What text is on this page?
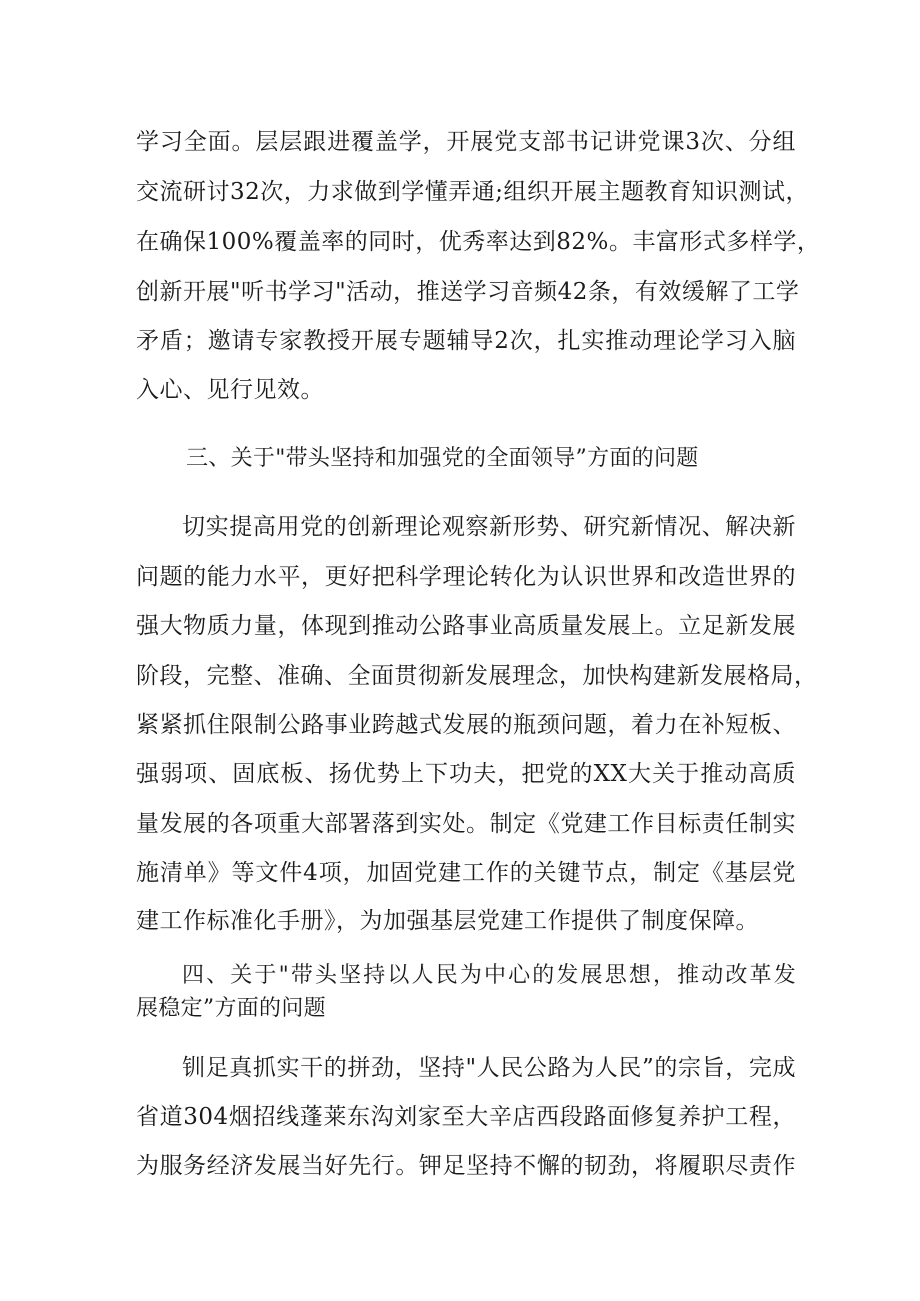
学习全面。层层跟进覆盖学，开展党支部书记讲党课3次、分组
交流研讨32次，力求做到学懂弄通;组织开展主题教育知识测试，
在确保100%覆盖率的同时，优秀率达到82%。丰富形式多样学，
创新开展"听书学习"活动，推送学习音频42条，有效缓解了工学
矛盾；邀请专家教授开展专题辅导2次，扎实推动理论学习入脑
入心、见行见效。
三、关于"带头坚持和加强党的全面领导”方面的问题
切实提高用党的创新理论观察新形势、研究新情况、解决新
问题的能力水平，更好把科学理论转化为认识世界和改造世界的
强大物质力量，体现到推动公路事业高质量发展上。立足新发展
阶段，完整、准确、全面贯彻新发展理念，加快构建新发展格局，
紧紧抓住限制公路事业跨越式发展的瓶颈问题，着力在补短板、
强弱项、固底板、扬优势上下功夫，把党的XX大关于推动高质
量发展的各项重大部署落到实处。制定《党建工作目标责任制实
施清单》等文件4项，加固党建工作的关键节点，制定《基层党
建工作标准化手册》，为加强基层党建工作提供了制度保障。
四、关于"带头坚持以人民为中心的发展思想，推动改革发
展稳定”方面的问题
钏足真抓实干的拼劲，坚持"人民公路为人民”的宗旨，完成
省道304烟招线蓬莱东沟刘家至大辛店西段路面修复养护工程，
为服务经济发展当好先行。钾足坚持不懈的韧劲，将履职尽责作
